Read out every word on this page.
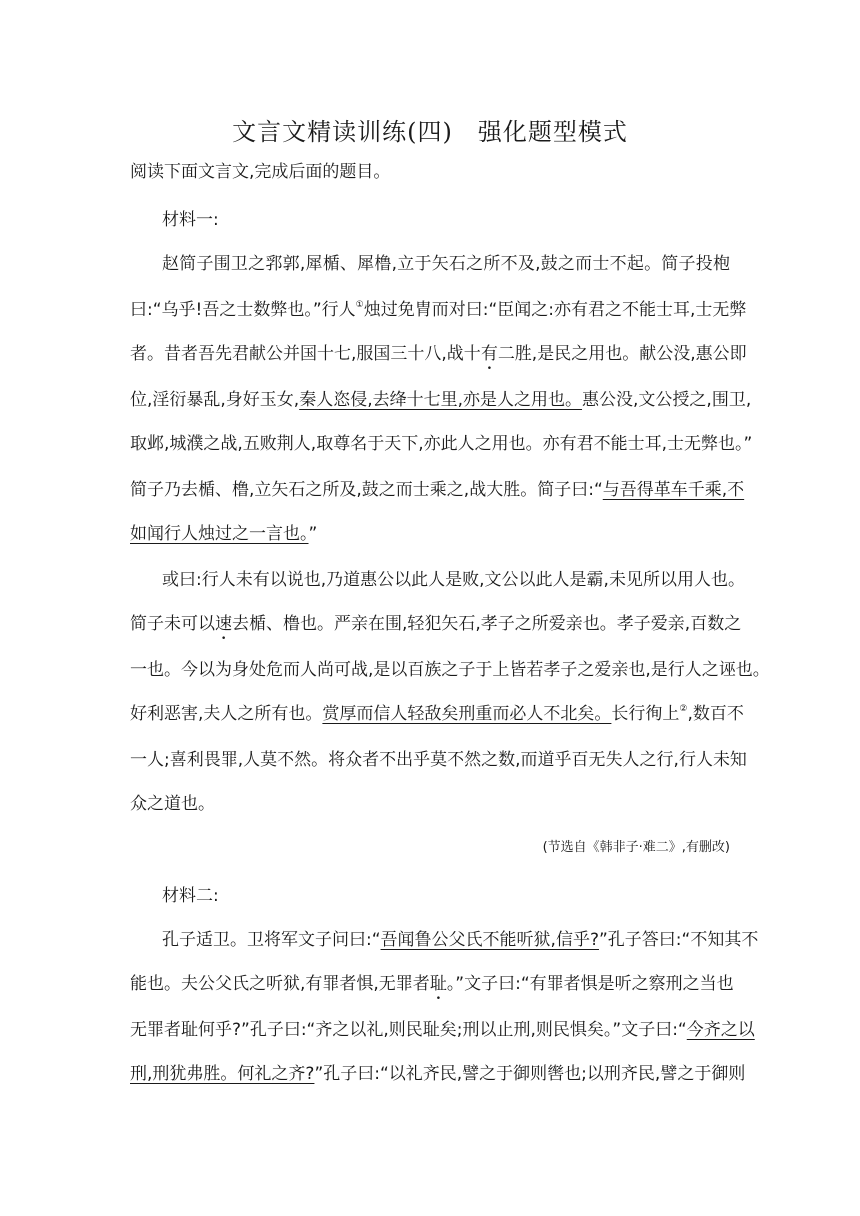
文言文精读训练(四)　强化题型模式
阅读下面文言文,完成后面的题目。
材料一:
赵简子围卫之郛郭,犀楯、犀橹,立于矢石之所不及,鼓之而士不起。简子投枹
曰:“乌乎!吾之士数弊也。”行人①烛过免胄而对曰:“臣闻之:亦有君之不能士耳,士无弊
者。昔者吾先君献公并国十七,服国三十八,战十有二胜,是民之用也。献公没,惠公即
位,淫衍暴乱,身好玉女,秦人恣侵,去绛十七里,亦是人之用也。惠公没,文公授之,围卫,
取邺,城濮之战,五败荆人,取尊名于天下,亦此人之用也。亦有君不能士耳,士无弊也。”
简子乃去楯、橹,立矢石之所及,鼓之而士乘之,战大胜。简子曰:“与吾得革车千乘,不
如闻行人烛过之一言也。”
或曰:行人未有以说也,乃道惠公以此人是败,文公以此人是霸,未见所以用人也。
简子未可以速去楯、橹也。严亲在围,轻犯矢石,孝子之所爱亲也。孝子爱亲,百数之
一也。今以为身处危而人尚可战,是以百族之子于上皆若孝子之爱亲也,是行人之诬也。
好利恶害,夫人之所有也。赏厚而信人轻敌矣刑重而必人不北矣。长行徇上②,数百不
一人;喜利畏罪,人莫不然。将众者不出乎莫不然之数,而道乎百无失人之行,行人未知
众之道也。
(节选自《韩非子·难二》,有删改)
材料二:
孔子适卫。卫将军文子问曰:“吾闻鲁公父氏不能听狱,信乎?”孔子答曰:“不知其不
能也。夫公父氏之听狱,有罪者惧,无罪者耻。”文子曰:“有罪者惧是听之察刑之当也
无罪者耻何乎?”孔子曰:“齐之以礼,则民耻矣;刑以止刑,则民惧矣。”文子曰:“今齐之以
刑,刑犹弗胜。何礼之齐?”孔子曰:“以礼齐民,譬之于御则辔也;以刑齐民,譬之于御则
